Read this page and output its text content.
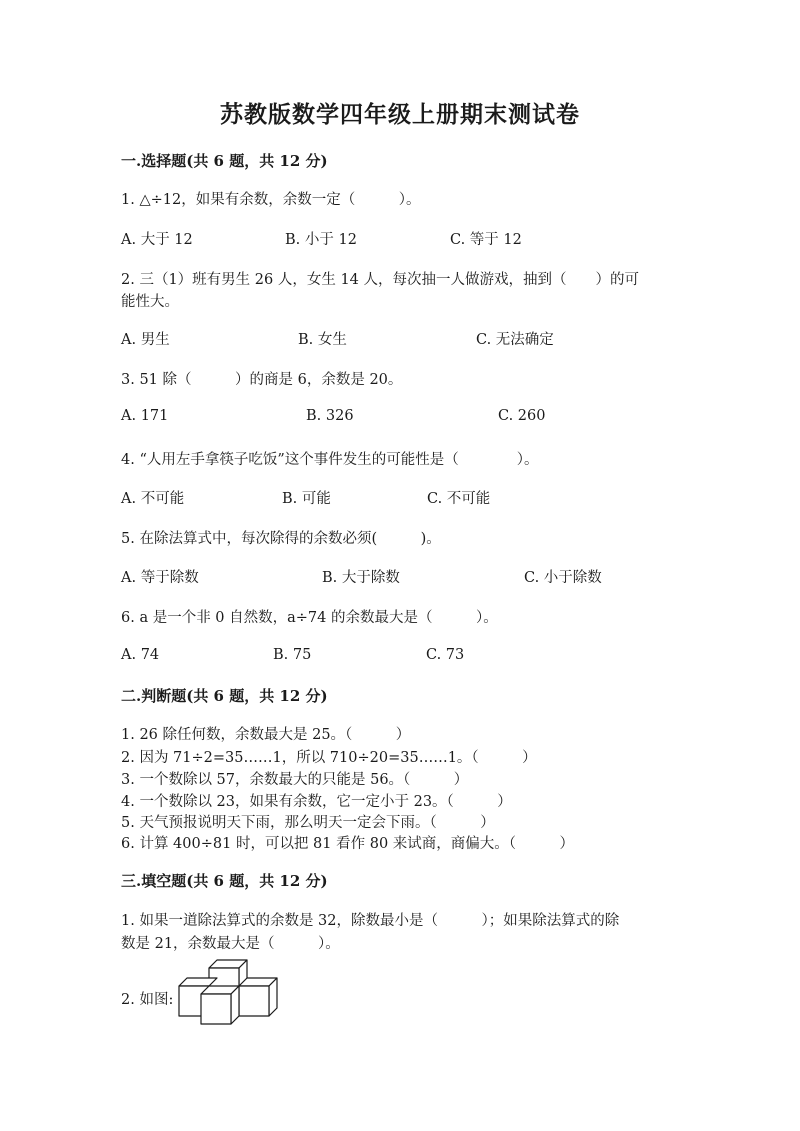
苏教版数学四年级上册期末测试卷
一.选择题(共 6 题，共 12 分)
1. △÷12，如果有余数，余数一定（　　　）。
A. 大于 12	B. 小于 12	C. 等于 12
2. 三（1）班有男生 26 人，女生 14 人，每次抽一人做游戏，抽到（　　）的可
能性大。
A. 男生	B. 女生	C. 无法确定
3. 51 除（　　　）的商是 6，余数是 20。
A. 171	B. 326	C. 260
4. “人用左手拿筷子吃饭”这个事件发生的可能性是（　　　　）。
A. 不可能	B. 可能	C. 不可能
5. 在除法算式中，每次除得的余数必须(　　　)。
A. 等于除数	B. 大于除数	C. 小于除数
6. a 是一个非 0 自然数，a÷74 的余数最大是（　　　）。
A. 74	B. 75	C. 73
二.判断题(共 6 题，共 12 分)
1. 26 除任何数，余数最大是 25。（　　　）
2. 因为 71÷2=35……1，所以 710÷20=35……1。（　　　）
3. 一个数除以 57，余数最大的只能是 56。（　　　）
4. 一个数除以 23，如果有余数，它一定小于 23。（　　　）
5. 天气预报说明天下雨，那么明天一定会下雨。（　　　）
6. 计算 400÷81 时，可以把 81 看作 80 来试商，商偏大。（　　　）
三.填空题(共 6 题，共 12 分)
1. 如果一道除法算式的余数是 32，除数最小是（　　　）；如果除法算式的除
数是 21，余数最大是（　　　）。
2. 如图:
